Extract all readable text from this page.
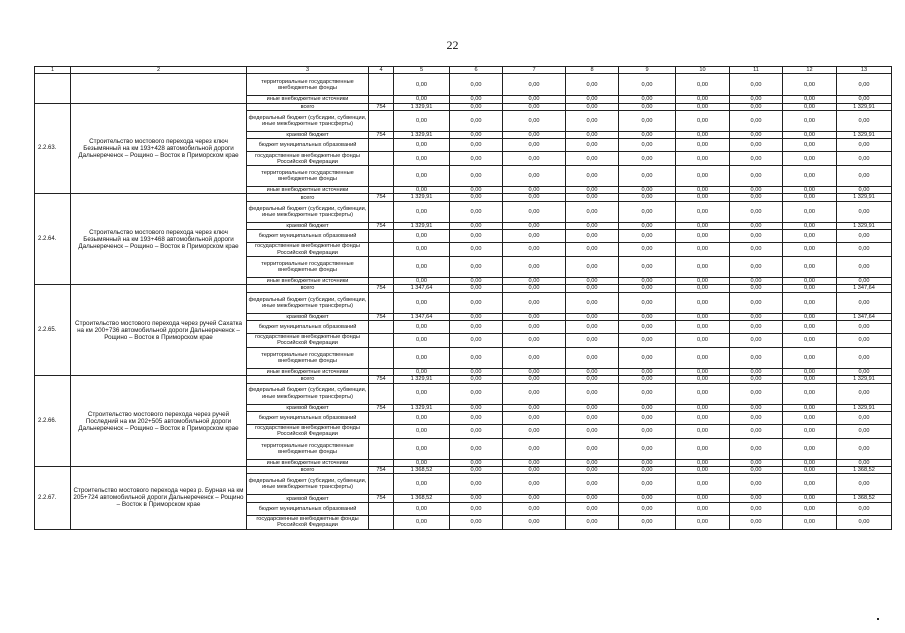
22
1	2	3	4	5	6	7	8	9	10	11	12	13
		территориальные государственные внебюджетные фонды		0,00	0,00	0,00	0,00	0,00	0,00	0,00	0,00	0,00
		иные внебюджетные источники		0,00	0,00	0,00	0,00	0,00	0,00	0,00	0,00	0,00
2.2.63.	Строительство мостового перехода через ключ Безымянный на км 193+428 автомобильной дороги Дальнереченск – Рощино – Восток в Приморском крае	всего	754	1 329,91	0,00	0,00	0,00	0,00	0,00	0,00	0,00	1 329,91
		федеральный бюджет (субсидии, субвенции, иные межбюджетные трансферты)		0,00	0,00	0,00	0,00	0,00	0,00	0,00	0,00	0,00
		краевой бюджет	754	1 329,91	0,00	0,00	0,00	0,00	0,00	0,00	0,00	1 329,91
		бюджет муниципальных образований		0,00	0,00	0,00	0,00	0,00	0,00	0,00	0,00	0,00
		государственные внебюджетные фонды Российской Федерации		0,00	0,00	0,00	0,00	0,00	0,00	0,00	0,00	0,00
		территориальные государственные внебюджетные фонды		0,00	0,00	0,00	0,00	0,00	0,00	0,00	0,00	0,00
		иные внебюджетные источники		0,00	0,00	0,00	0,00	0,00	0,00	0,00	0,00	0,00
2.2.64.	Строительство мостового перехода через ключ Безымянный на км 193+468 автомобильной дороги Дальнереченск – Рощино – Восток в Приморском крае	всего	754	1 329,91	0,00	0,00	0,00	0,00	0,00	0,00	0,00	1 329,91
		федеральный бюджет (субсидии, субвенции, иные межбюджетные трансферты)		0,00	0,00	0,00	0,00	0,00	0,00	0,00	0,00	0,00
		краевой бюджет	754	1 329,91	0,00	0,00	0,00	0,00	0,00	0,00	0,00	1 329,91
		бюджет муниципальных образований		0,00	0,00	0,00	0,00	0,00	0,00	0,00	0,00	0,00
		государственные внебюджетные фонды Российской Федерации		0,00	0,00	0,00	0,00	0,00	0,00	0,00	0,00	0,00
		территориальные государственные внебюджетные фонды		0,00	0,00	0,00	0,00	0,00	0,00	0,00	0,00	0,00
		иные внебюджетные источники		0,00	0,00	0,00	0,00	0,00	0,00	0,00	0,00	0,00
2.2.65.	Строительство мостового перехода через ручей Сахатка на км 200+736 автомобильной дороги Дальнереченск – Рощино – Восток в Приморском крае	всего	754	1 347,64	0,00	0,00	0,00	0,00	0,00	0,00	0,00	1 347,64
		федеральный бюджет (субсидии, субвенции, иные межбюджетные трансферты)		0,00	0,00	0,00	0,00	0,00	0,00	0,00	0,00	0,00
		краевой бюджет	754	1 347,64	0,00	0,00	0,00	0,00	0,00	0,00	0,00	1 347,64
		бюджет муниципальных образований		0,00	0,00	0,00	0,00	0,00	0,00	0,00	0,00	0,00
		государственные внебюджетные фонды Российской Федерации		0,00	0,00	0,00	0,00	0,00	0,00	0,00	0,00	0,00
		территориальные государственные внебюджетные фонды		0,00	0,00	0,00	0,00	0,00	0,00	0,00	0,00	0,00
		иные внебюджетные источники		0,00	0,00	0,00	0,00	0,00	0,00	0,00	0,00	0,00
2.2.66.	Строительство мостового перехода через ручей Последний на км 202+505 автомобильной дороги Дальнереченск – Рощино – Восток в Приморском крае	всего	754	1 329,91	0,00	0,00	0,00	0,00	0,00	0,00	0,00	1 329,91
		федеральный бюджет (субсидии, субвенции, иные межбюджетные трансферты)		0,00	0,00	0,00	0,00	0,00	0,00	0,00	0,00	0,00
		краевой бюджет	754	1 329,91	0,00	0,00	0,00	0,00	0,00	0,00	0,00	1 329,91
		бюджет муниципальных образований		0,00	0,00	0,00	0,00	0,00	0,00	0,00	0,00	0,00
		государственные внебюджетные фонды Российской Федерации		0,00	0,00	0,00	0,00	0,00	0,00	0,00	0,00	0,00
		территориальные государственные внебюджетные фонды		0,00	0,00	0,00	0,00	0,00	0,00	0,00	0,00	0,00
		иные внебюджетные источники		0,00	0,00	0,00	0,00	0,00	0,00	0,00	0,00	0,00
2.2.67.	Строительство мостового перехода через р. Бурная на км 205+724 автомобильной дороги Дальнереченск – Рощино – Восток в Приморском крае	всего	754	1 368,52	0,00	0,00	0,00	0,00	0,00	0,00	0,00	1 368,52
		федеральный бюджет (субсидии, субвенции, иные межбюджетные трансферты)		0,00	0,00	0,00	0,00	0,00	0,00	0,00	0,00	0,00
		краевой бюджет	754	1 368,52	0,00	0,00	0,00	0,00	0,00	0,00	0,00	1 368,52
		бюджет муниципальных образований		0,00	0,00	0,00	0,00	0,00	0,00	0,00	0,00	0,00
		государсвенные внебюджетные фонды Российской Федерации		0,00	0,00	0,00	0,00	0,00	0,00	0,00	0,00	0,00
